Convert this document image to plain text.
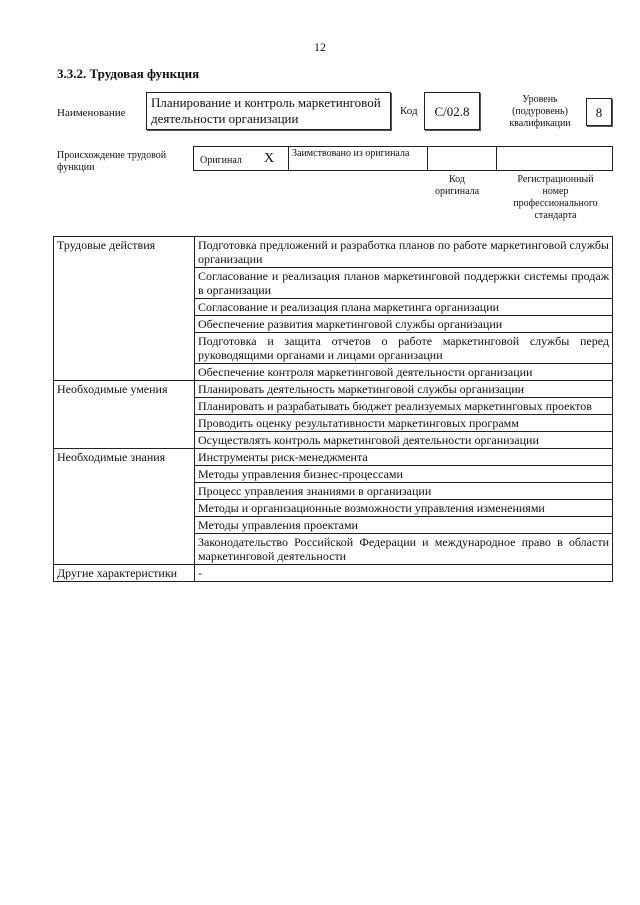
12
3.3.2. Трудовая функция
Наименование
Планирование и контроль маркетинговой деятельности организации	Код	C/02.8
Уровень
(подуровень)
квалификации
8
Происхождение трудовой
функции
Оригинал X	Заимствовано из оригинала
Код
оригинала
Регистрационный
номер
профессионального
стандарта
Трудовые действия	Подготовка предложений и разработка планов по работе маркетинговой службы организации
	Согласование и реализация планов маркетинговой поддержки системы продаж в организации
	Согласование и реализация плана маркетинга организации
	Обеспечение развития маркетинговой службы организации
	Подготовка и защита отчетов о работе маркетинговой службы перед руководящими органами и лицами организации
	Обеспечение контроля маркетинговой деятельности организации
Необходимые умения	Планировать деятельность маркетинговой службы организации
	Планировать и разрабатывать бюджет реализуемых маркетинговых проектов
	Проводить оценку результативности маркетинговых программ
	Осуществлять контроль маркетинговой деятельности организации
Необходимые знания	Инструменты риск-менеджмента
	Методы управления бизнес-процессами
	Процесс управления знаниями в организации
	Методы и организационные возможности управления изменениями
	Методы управления проектами
	Законодательство Российской Федерации и международное право в области маркетинговой деятельности
Другие характеристики	-
